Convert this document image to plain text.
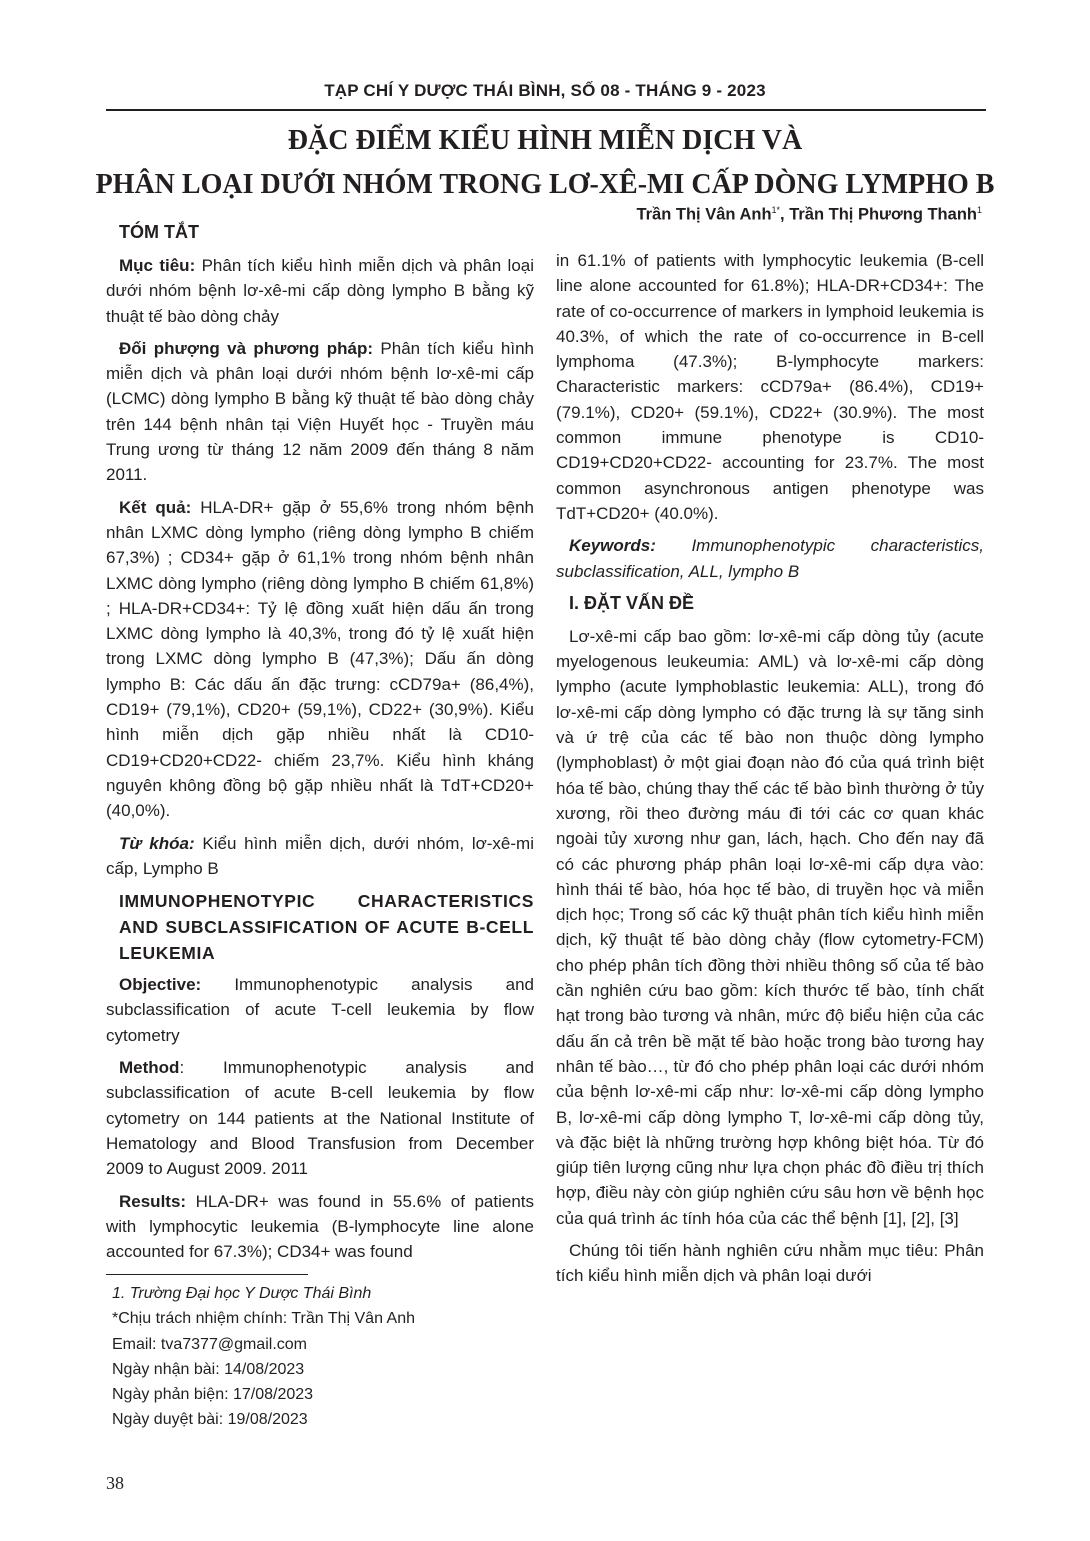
TẠP CHÍ Y DƯỢC THÁI BÌNH, SỐ 08 - THÁNG 9 - 2023
ĐẶC ĐIỂM KIỂU HÌNH MIỄN DỊCH VÀ
PHÂN LOẠI DƯỚI NHÓM TRONG LƠ-XÊ-MI CẤP DÒNG LYMPHO B
Trần Thị Vân Anh$^{1*}$, Trần Thị Phương Thanh$^1$
TÓM TẮT

Mục tiêu: Phân tích kiểu hình miễn dịch và phân loại dưới nhóm bệnh lơ-xê-mi cấp dòng lympho B bằng kỹ thuật tế bào dòng chảy

Đối phượng và phương pháp: Phân tích kiểu hình miễn dịch và phân loại dưới nhóm bệnh lơ-xê-mi cấp (LCMC) dòng lympho B bằng kỹ thuật tế bào dòng chảy trên 144 bệnh nhân tại Viện Huyết học - Truyền máu Trung ương từ tháng 12 năm 2009 đến tháng 8 năm 2011.

Kết quả: HLA-DR+ gặp ở 55,6% trong nhóm bệnh nhân LXMC dòng lympho (riêng dòng lympho B chiếm 67,3%) ; CD34+ gặp ở 61,1% trong nhóm bệnh nhân LXMC dòng lympho (riêng dòng lympho B chiếm 61,8%) ; HLA-DR+CD34+: Tỷ lệ đồng xuất hiện dấu ấn trong LXMC dòng lympho là 40,3%, trong đó tỷ lệ xuất hiện trong LXMC dòng lympho B (47,3%); Dấu ấn dòng lympho B: Các dấu ấn đặc trưng: cCD79a+ (86,4%), CD19+ (79,1%), CD20+ (59,1%), CD22+ (30,9%). Kiểu hình miễn dịch gặp nhiều nhất là CD10-CD19+CD20+CD22- chiếm 23,7%. Kiểu hình kháng nguyên không đồng bộ gặp nhiều nhất là TdT+CD20+ (40,0%).

Từ khóa: Kiểu hình miễn dịch, dưới nhóm, lơ-xê-mi cấp, Lympho B

IMMUNOPHENOTYPIC CHARACTERISTICS AND SUBCLASSIFICATION OF ACUTE B-CELL LEUKEMIA

Objective: Immunophenotypic analysis and subclassification of acute T-cell leukemia by flow cytometry

Method: Immunophenotypic analysis and subclassification of acute B-cell leukemia by flow cytometry on 144 patients at the National Institute of Hematology and Blood Transfusion from December 2009 to August 2009. 2011

Results: HLA-DR+ was found in 55.6% of patients with lymphocytic leukemia (B-lymphocyte line alone accounted for 67.3%); CD34+ was found

in 61.1% of patients with lymphocytic leukemia (B-cell line alone accounted for 61.8%); HLA-DR+CD34+: The rate of co-occurrence of markers in lymphoid leukemia is 40.3%, of which the rate of co-occurrence in B-cell lymphoma (47.3%); B-lymphocyte markers: Characteristic markers: cCD79a+ (86.4%), CD19+ (79.1%), CD20+ (59.1%), CD22+ (30.9%). The most common immune phenotype is CD10-CD19+CD20+CD22- accounting for 23.7%. The most common asynchronous antigen phenotype was TdT+CD20+ (40.0%).

Keywords: Immunophenotypic characteristics, subclassification, ALL, lympho B

I. ĐẶT VẤN ĐỀ

Lơ-xê-mi cấp bao gồm: lơ-xê-mi cấp dòng tủy (acute myelogenous leukeumia: AML) và lơ-xê-mi cấp dòng lympho (acute lymphoblastic leukemia: ALL), trong đó lơ-xê-mi cấp dòng lympho có đặc trưng là sự tăng sinh và ứ trệ của các tế bào non thuộc dòng lympho (lymphoblast) ở một giai đoạn nào đó của quá trình biệt hóa tế bào, chúng thay thế các tế bào bình thường ở tủy xương, rồi theo đường máu đi tới các cơ quan khác ngoài tủy xương như gan, lách, hạch. Cho đến nay đã có các phương pháp phân loại lơ-xê-mi cấp dựa vào: hình thái tế bào, hóa học tế bào, di truyền học và miễn dịch học; Trong số các kỹ thuật phân tích kiểu hình miễn dịch, kỹ thuật tế bào dòng chảy (flow cytometry-FCM) cho phép phân tích đồng thời nhiều thông số của tế bào cần nghiên cứu bao gồm: kích thước tế bào, tính chất hạt trong bào tương và nhân, mức độ biểu hiện của các dấu ấn cả trên bề mặt tế bào hoặc trong bào tương hay nhân tế bào…, từ đó cho phép phân loại các dưới nhóm của bệnh lơ-xê-mi cấp như: lơ-xê-mi cấp dòng lympho B, lơ-xê-mi cấp dòng lympho T, lơ-xê-mi cấp dòng tủy, và đặc biệt là những trường hợp không biệt hóa. Từ đó giúp tiên lượng cũng như lựa chọn phác đồ điều trị thích hợp, điều này còn giúp nghiên cứu sâu hơn về bệnh học của quá trình ác tính hóa của các thể bệnh [1], [2], [3]

Chúng tôi tiến hành nghiên cứu nhằm mục tiêu: Phân tích kiểu hình miễn dịch và phân loại dưới

1. Trường Đại học Y Dược Thái Bình
*Chịu trách nhiệm chính: Trần Thị Vân Anh
Email: tva7377@gmail.com
Ngày nhận bài: 14/08/2023
Ngày phản biện: 17/08/2023
Ngày duyệt bài: 19/08/2023
38
